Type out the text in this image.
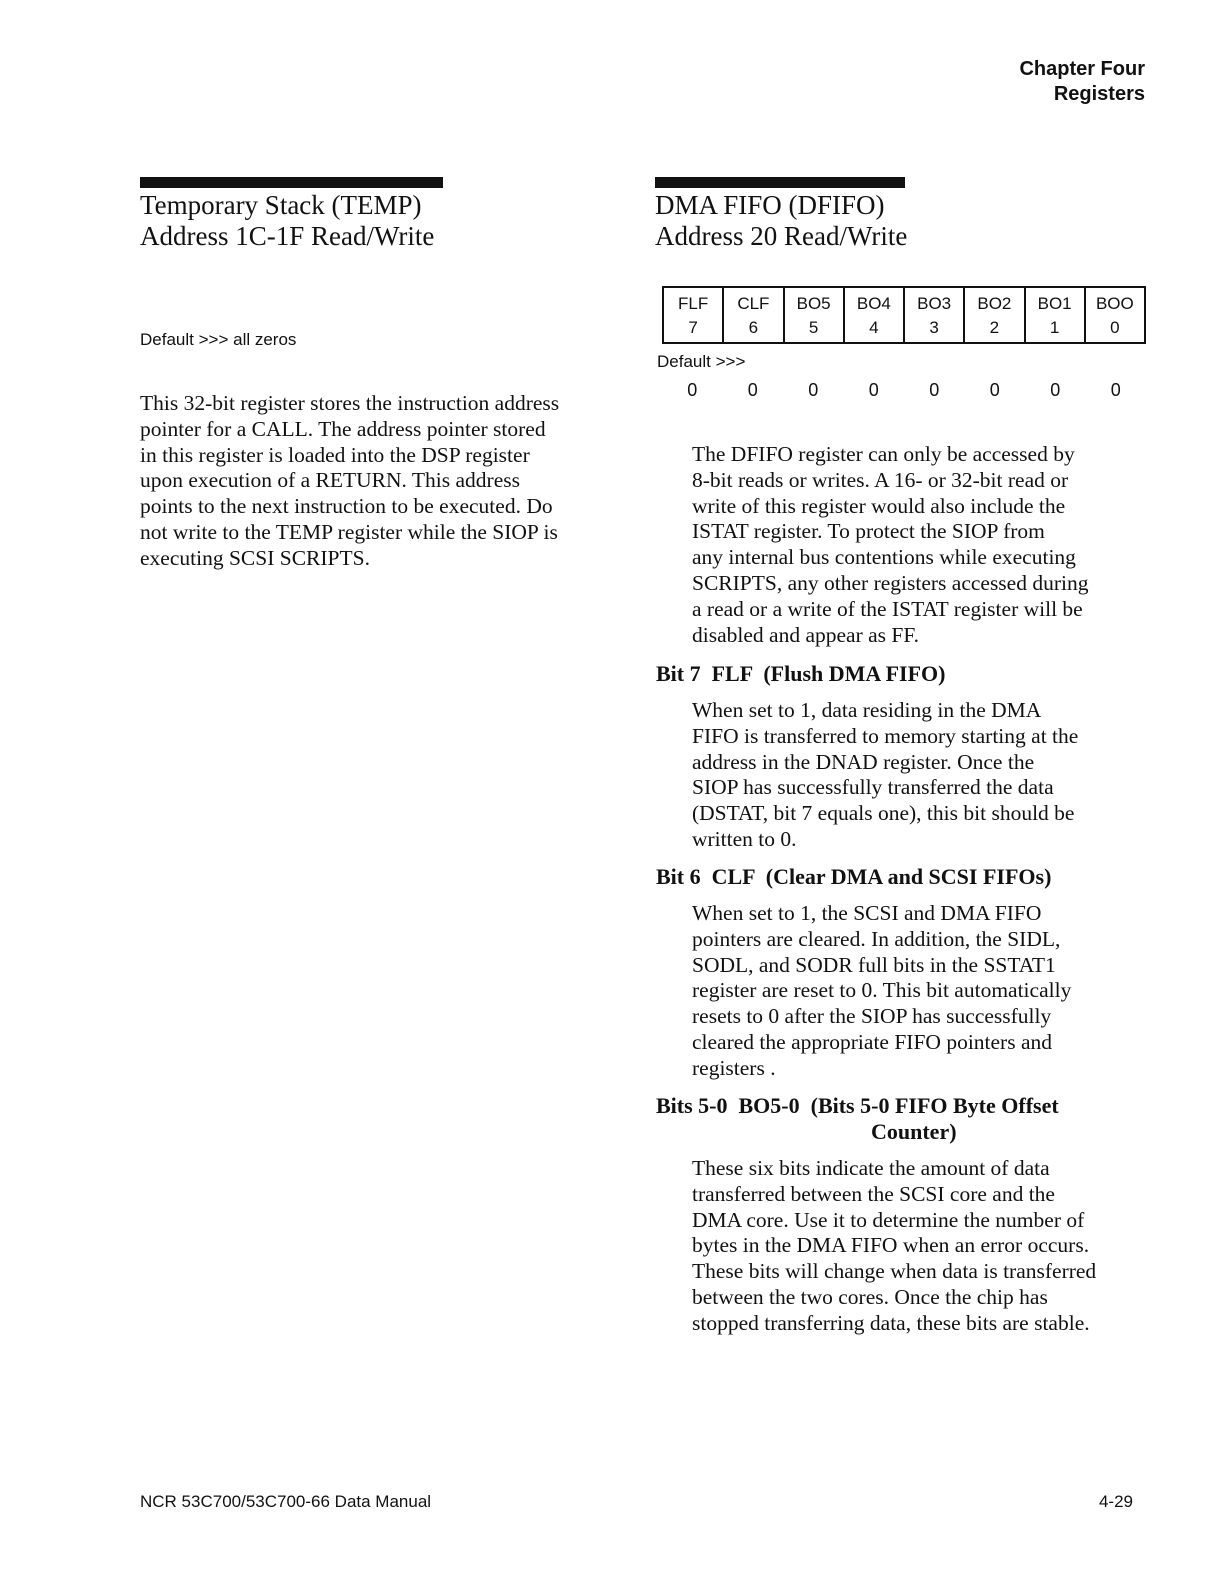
Chapter Four
Registers
Temporary Stack (TEMP)
Address 1C-1F Read/Write
Default >>> all zeros
This 32-bit register stores the instruction address
pointer for a CALL. The address pointer stored
in this register is loaded into the DSP register
upon execution of a RETURN. This address
points to the next instruction to be executed. Do
not write to the TEMP register while the SIOP is
executing SCSI SCRIPTS.
DMA FIFO (DFIFO)
Address 20 Read/Write
FLF	CLF	BO5	BO4	BO3	BO2	BO1	BOO
7	6	5	4	3	2	1	0
Default >>>
0	0	0	0	0	0	0	0
The DFIFO register can only be accessed by
8-bit reads or writes. A 16- or 32-bit read or
write of this register would also include the
ISTAT register. To protect the SIOP from
any internal bus contentions while executing
SCRIPTS, any other registers accessed during
a read or a write of the ISTAT register will be
disabled and appear as FF.
Bit 7  FLF  (Flush DMA FIFO)
When set to 1, data residing in the DMA
FIFO is transferred to memory starting at the
address in the DNAD register. Once the
SIOP has successfully transferred the data
(DSTAT, bit 7 equals one), this bit should be
written to 0.
Bit 6  CLF  (Clear DMA and SCSI FIFOs)
When set to 1, the SCSI and DMA FIFO
pointers are cleared. In addition, the SIDL,
SODL, and SODR full bits in the SSTAT1
register are reset to 0. This bit automatically
resets to 0 after the SIOP has successfully
cleared the appropriate FIFO pointers and
registers .
Bits 5-0  BO5-0  (Bits 5-0 FIFO Byte Offset
Counter)
These six bits indicate the amount of data
transferred between the SCSI core and the
DMA core. Use it to determine the number of
bytes in the DMA FIFO when an error occurs.
These bits will change when data is transferred
between the two cores. Once the chip has
stopped transferring data, these bits are stable.
NCR 53C700/53C700-66 Data Manual	4-29
